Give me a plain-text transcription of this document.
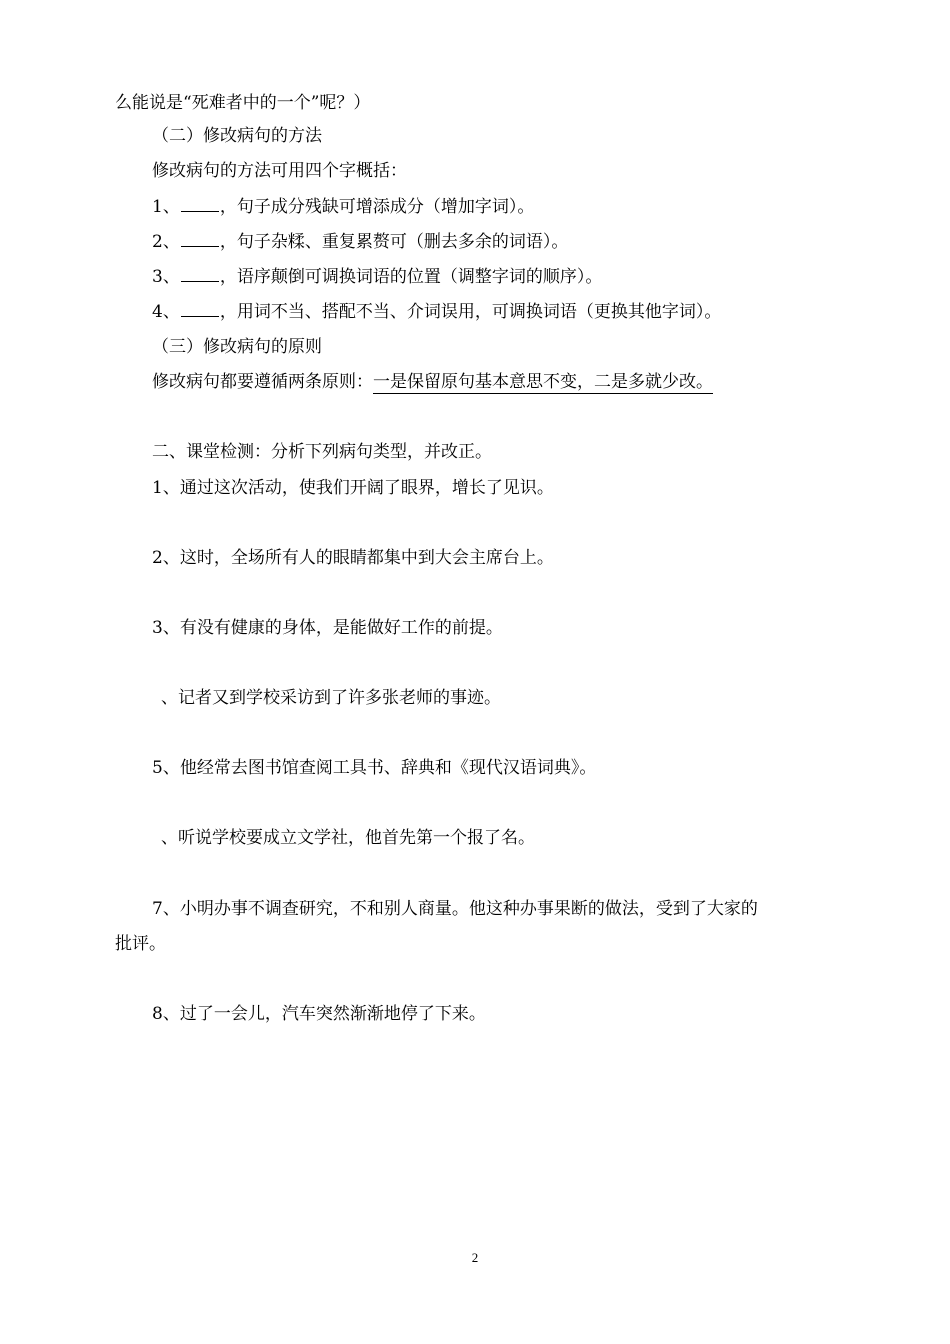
么能说是“死难者中的一个”呢？）
（二）修改病句的方法
修改病句的方法可用四个字概括：
1、 ，句子成分残缺可增添成分（增加字词）。
2、 ，句子杂糅、重复累赘可（删去多余的词语）。
3、 ，语序颠倒可调换词语的位置（调整字词的顺序）。
4、 ，用词不当、搭配不当、介词误用，可调换词语（更换其他字词）。
（三）修改病句的原则
修改病句都要遵循两条原则：一是保留原句基本意思不变，二是多就少改。
二、课堂检测：分析下列病句类型，并改正。
1、通过这次活动，使我们开阔了眼界，增长了见识。
2、这时，全场所有人的眼睛都集中到大会主席台上。
3、有没有健康的身体，是能做好工作的前提。
、记者又到学校采访到了许多张老师的事迹。
5、他经常去图书馆查阅工具书、辞典和《现代汉语词典》。
、听说学校要成立文学社，他首先第一个报了名。
7、小明办事不调查研究，不和别人商量。他这种办事果断的做法，受到了大家的
批评。
8、过了一会儿，汽车突然渐渐地停了下来。
2
